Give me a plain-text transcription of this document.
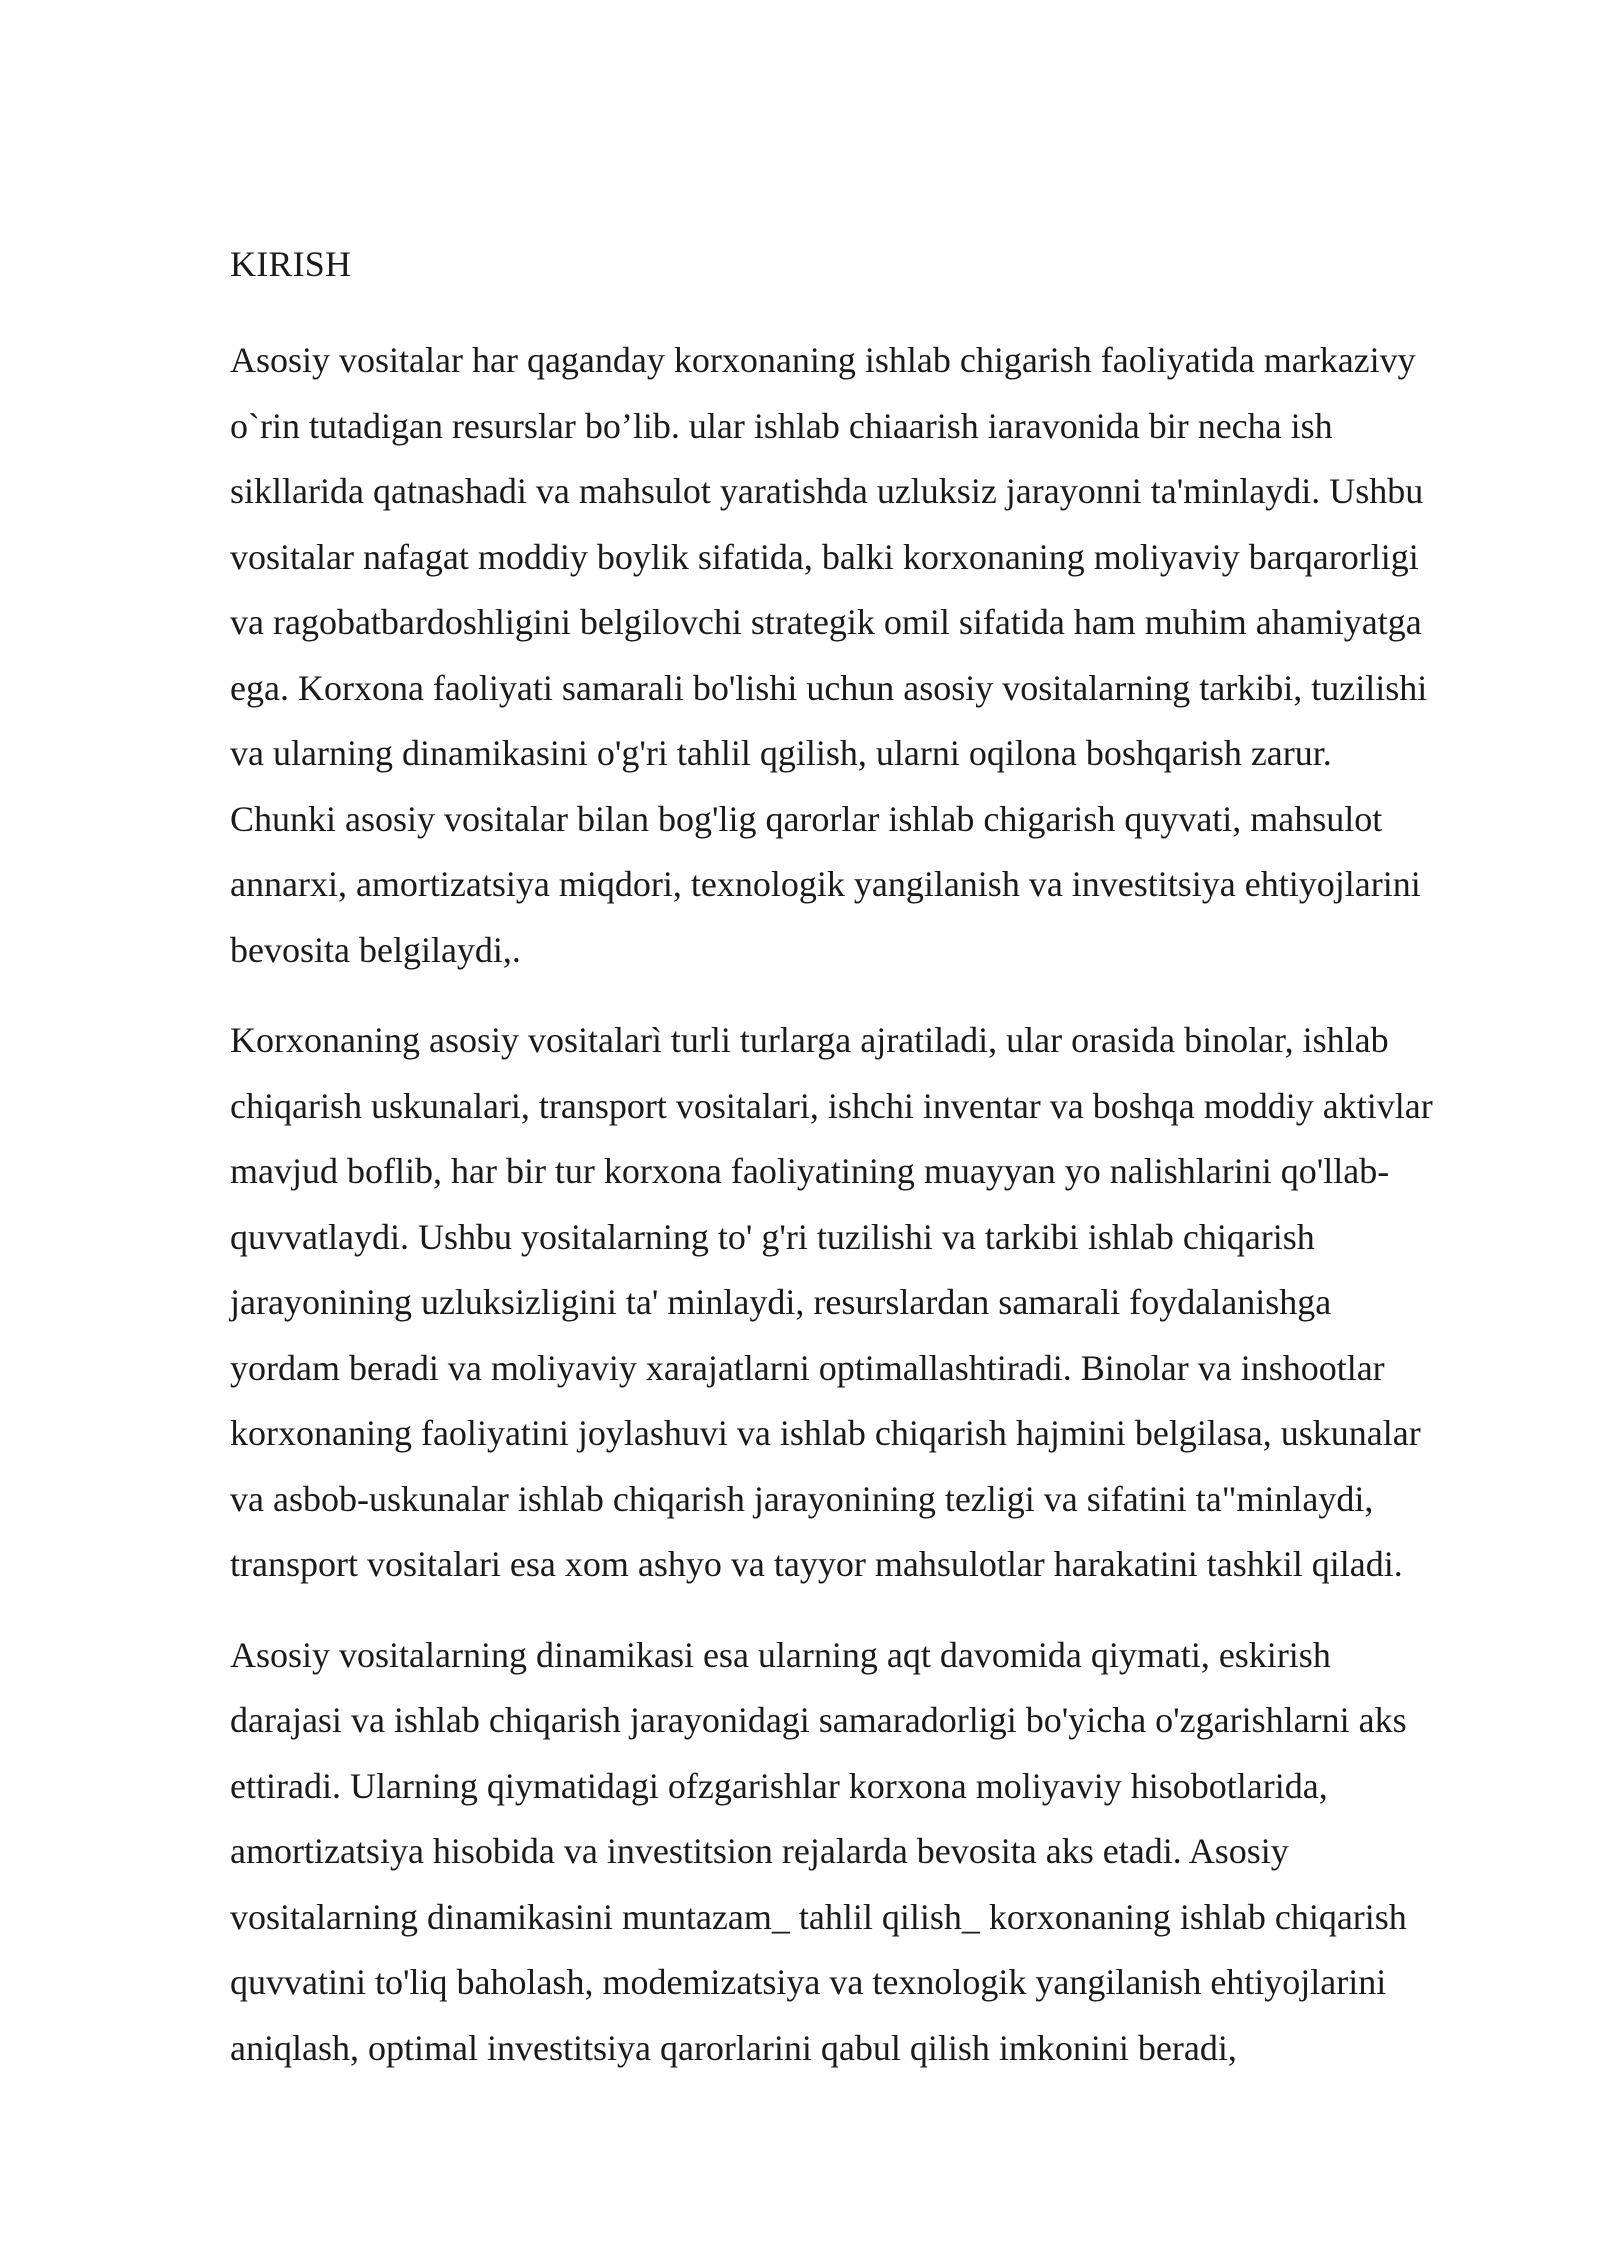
KIRISH

Asosiy vositalar har qaganday korxonaning ishlab chigarish faoliyatida markazivy
o`rin tutadigan resurslar bo’lib. ular ishlab chiaarish iaravonida bir necha ish
sikllarida qatnashadi va mahsulot yaratishda uzluksiz jarayonni ta'minlaydi. Ushbu
vositalar nafagat moddiy boylik sifatida, balki korxonaning moliyaviy barqarorligi
va ragobatbardoshligini belgilovchi strategik omil sifatida ham muhim ahamiyatga
ega. Korxona faoliyati samarali bo'lishi uchun asosiy vositalarning tarkibi, tuzilishi
va ularning dinamikasini o'g'ri tahlil qgilish, ularni oqilona boshqarish zarur.
Chunki asosiy vositalar bilan bog'lig qarorlar ishlab chigarish quyvati, mahsulot
annarxi, amortizatsiya miqdori, texnologik yangilanish va investitsiya ehtiyojlarini
bevosita belgilaydi,.

Korxonaning asosiy vositalarì turli turlarga ajratiladi, ular orasida binolar, ishlab
chiqarish uskunalari, transport vositalari, ishchi inventar va boshqa moddiy aktivlar
mavjud boflib, har bir tur korxona faoliyatining muayyan yo nalishlarini qo'llab-
quvvatlaydi. Ushbu yositalarning to' g'ri tuzilishi va tarkibi ishlab chiqarish
jarayonining uzluksizligini ta' minlaydi, resurslardan samarali foydalanishga
yordam beradi va moliyaviy xarajatlarni optimallashtiradi. Binolar va inshootlar
korxonaning faoliyatini joylashuvi va ishlab chiqarish hajmini belgilasa, uskunalar
va asbob-uskunalar ishlab chiqarish jarayonining tezligi va sifatini ta"minlaydi,
transport vositalari esa xom ashyo va tayyor mahsulotlar harakatini tashkil qiladi.

Asosiy vositalarning dinamikasi esa ularning aqt davomida qiymati, eskirish
darajasi va ishlab chiqarish jarayonidagi samaradorligi bo'yicha o'zgarishlarni aks
ettiradi. Ularning qiymatidagi ofzgarishlar korxona moliyaviy hisobotlarida,
amortizatsiya hisobida va investitsion rejalarda bevosita aks etadi. Asosiy
vositalarning dinamikasini muntazam_ tahlil qilish_ korxonaning ishlab chiqarish
quvvatini to'liq baholash, modemizatsiya va texnologik yangilanish ehtiyojlarini
aniqlash, optimal investitsiya qarorlarini qabul qilish imkonini beradi,
